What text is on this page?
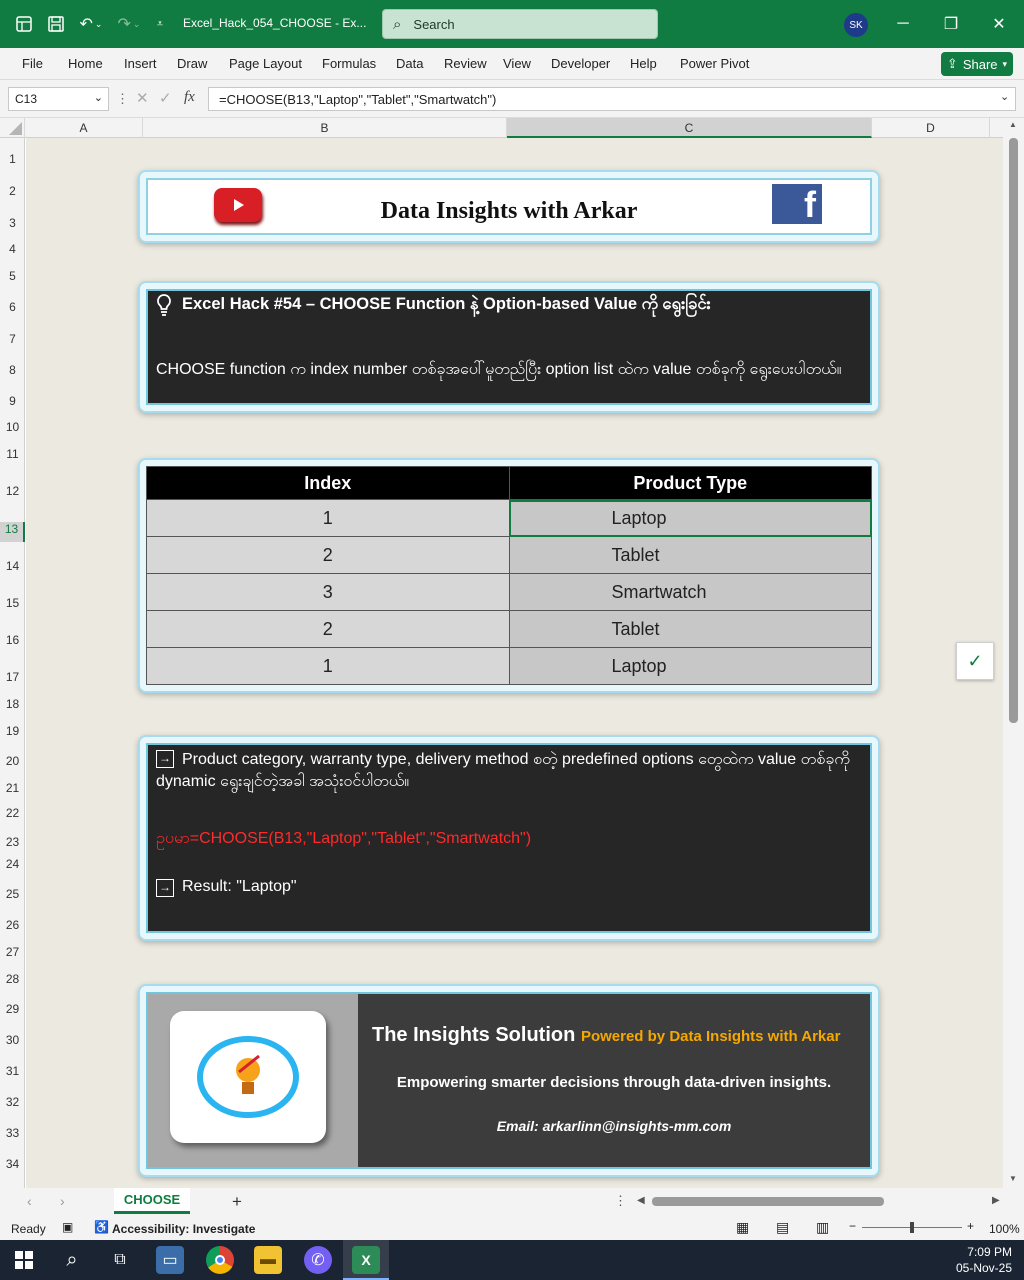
↶ ⌄ ↷ ⌄	⩡	Excel_Hack_054_CHOOSE - Ex... ⌕ Search	SK	─	❐	✕
File Home Insert Draw Page Layout Formulas Data Review View Developer Help Power Pivot	⇪ Share ▾
C13	⌄ ⋮ ✕ ✓ fx	=CHOOSE(B13,"Laptop","Tablet","Smartwatch")	⌄
A	B	C	D
1
2
3
4
5
6
7
8
9
10
11
12
13
14
15
16
17
18
19
20
21
22
23
24
25
26
27
28
29
30
31
32
33
34
Data Insights with Arkar	f
Excel Hack #54 – CHOOSE Function နဲ့ Option-based Value ကို ရွေးခြင်း
CHOOSE function က index number တစ်ခုအပေါ်မူတည်ပြီး option list ထဲက value တစ်ခုကို ရွေးပေးပါတယ်။
Index	Product Type
1	Laptop
2	Tablet
3	Smartwatch
2	Tablet
1	Laptop	✓
→ Product category, warranty type, delivery method စတဲ့ predefined options တွေထဲက value တစ်ခုကို dynamic ရွေးချင်တဲ့အခါ အသုံးဝင်ပါတယ်။
ဥပမာ=CHOOSE(B13,"Laptop","Tablet","Smartwatch")
→ Result: "Laptop"
The Insights Solution Powered by Data Insights with Arkar
Empowering smarter decisions through data-driven insights.
Email: arkarlinn@insights-mm.com
▲
▼
‹ ›	CHOOSE	+	⋮ ◀	▶
Ready ▣ ♿ Accessibility: Investigate	▦ ▤ ▥ −	+ 100%
⌕	⧉	▭	▬	✆	X	7:09 PM
05-Nov-25
